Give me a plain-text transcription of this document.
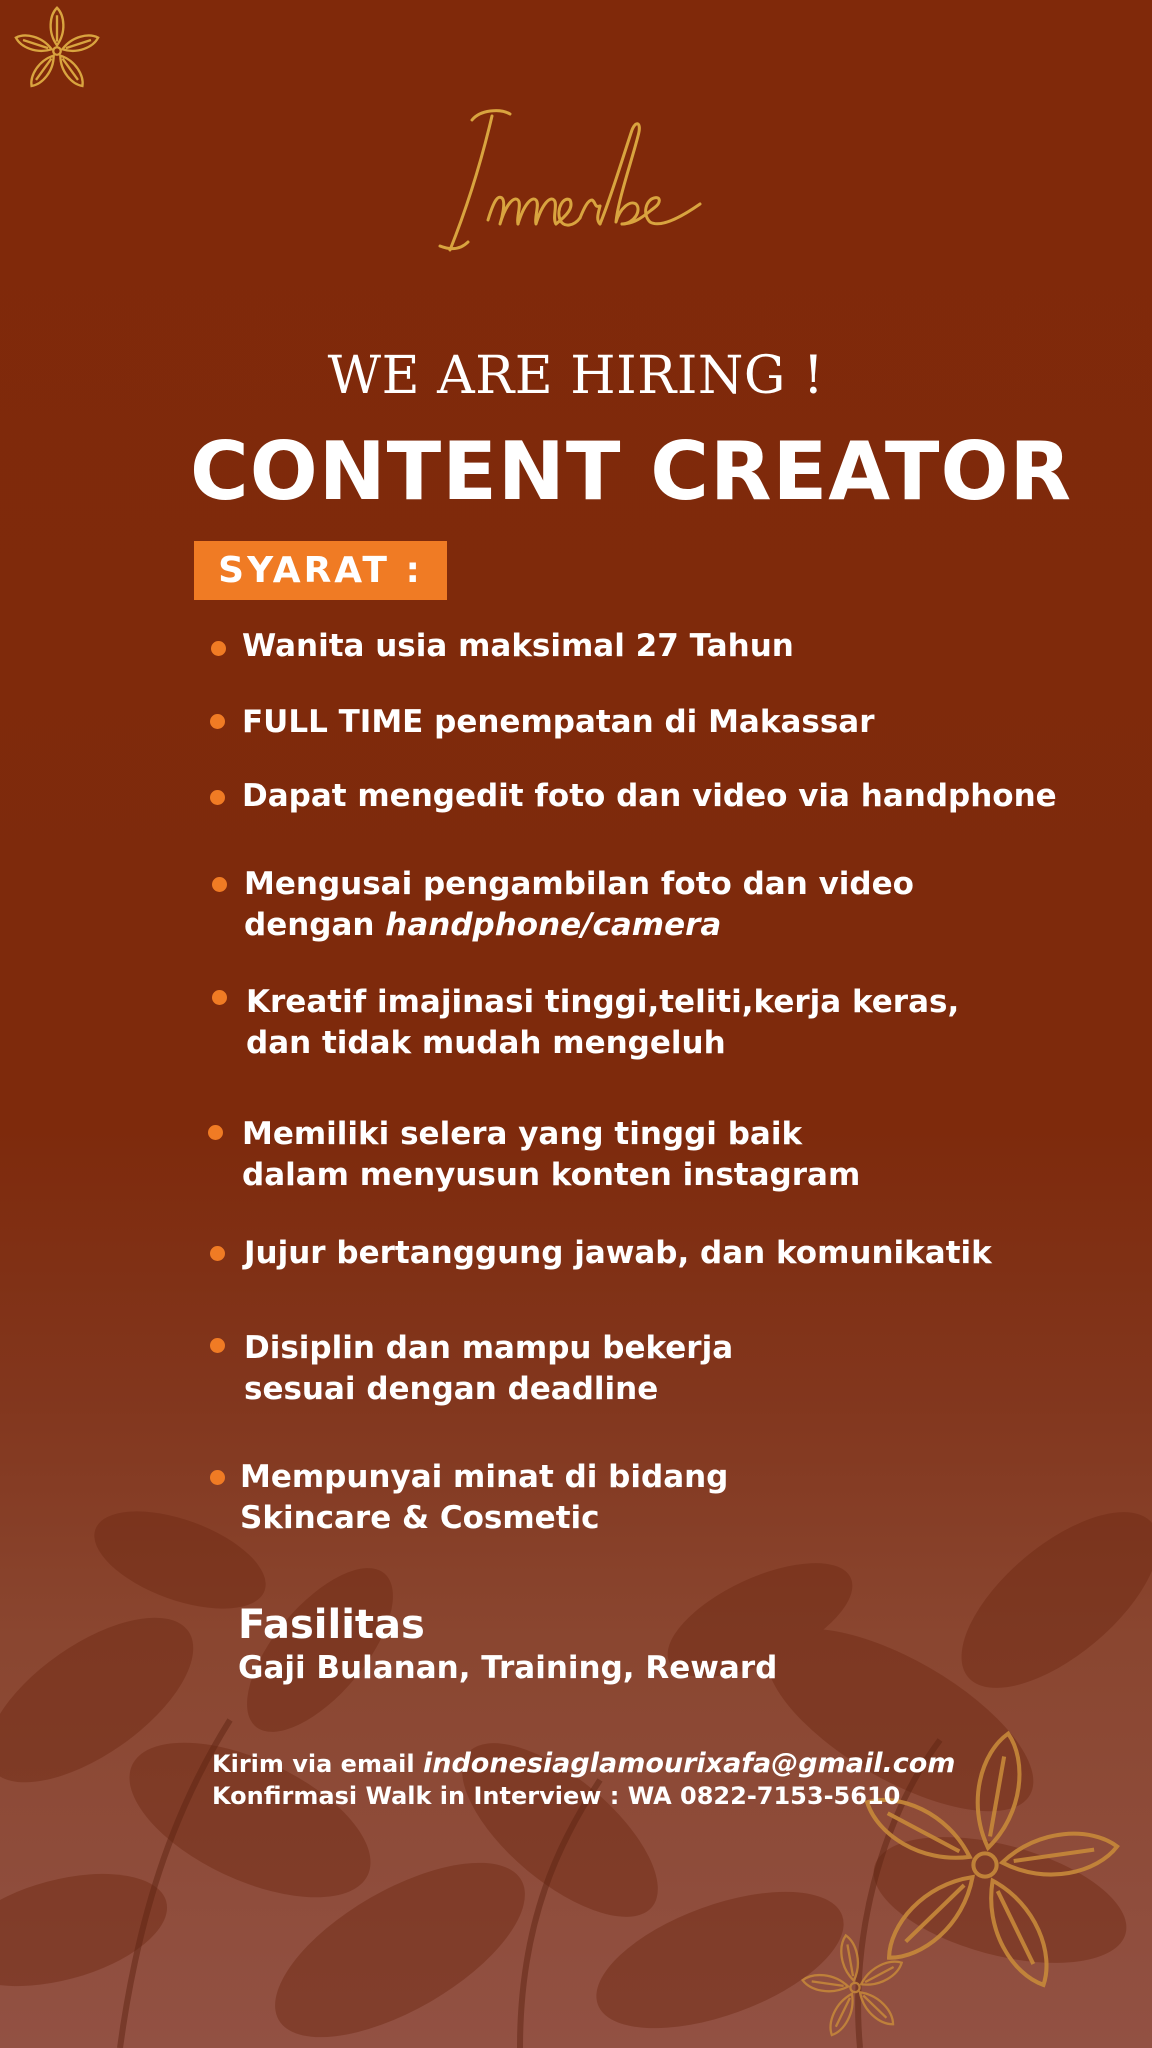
WE ARE HIRING !
CONTENT CREATOR
SYARAT :
Wanita usia maksimal 27 Tahun
FULL TIME penempatan di Makassar
Dapat mengedit foto dan video via handphone
Mengusai pengambilan foto dan video
dengan handphone/camera
Kreatif imajinasi tinggi,teliti,kerja keras,
dan tidak mudah mengeluh
Memiliki selera yang tinggi baik
dalam menyusun konten instagram
Jujur bertanggung jawab, dan komunikatik
Disiplin dan mampu bekerja
sesuai dengan deadline
Mempunyai minat di bidang
Skincare & Cosmetic
Fasilitas
Gaji Bulanan, Training, Reward
Kirim via email indonesiaglamourixafa@gmail.com
Konfirmasi Walk in Interview : WA 0822-7153-5610
